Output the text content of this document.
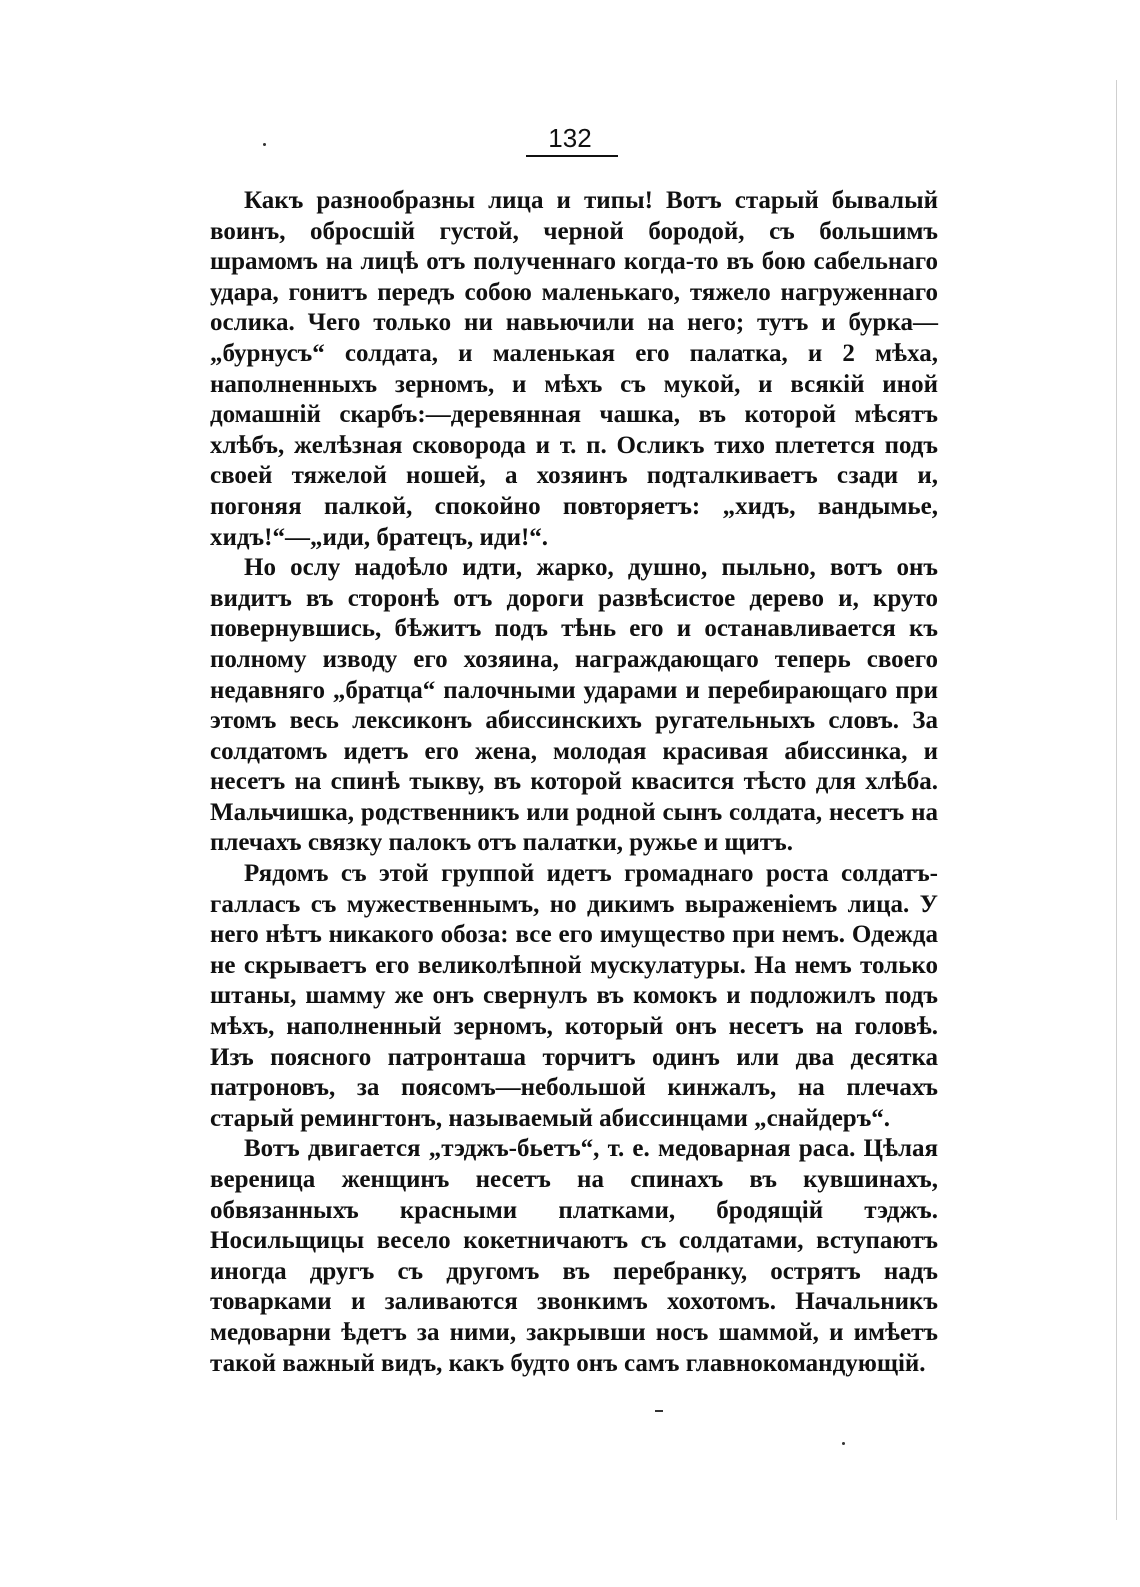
132

Какъ разнообразны лица и типы! Вотъ старый бывалый воинъ, обросшій густой, черной бородой, съ большимъ шрамомъ на лицѣ отъ полученнаго когда-то въ бою сабельнаго удара, гонитъ передъ собою маленькаго, тяжело нагруженнаго ослика. Чего только ни навьючили на него; тутъ и бурка—„бурнусъ“ солдата, и маленькая его палатка, и 2 мѣха, наполненныхъ зерномъ, и мѣхъ съ мукой, и всякій иной домашній скарбъ:—деревянная чашка, въ которой мѣсятъ хлѣбъ, желѣзная сковорода и т. п. Осликъ тихо плетется подъ своей тяжелой ношей, а хозяинъ подталкиваетъ сзади и, погоняя палкой, спокойно повторяетъ: „хидъ, вандымье, хидъ!“—„иди, братецъ, иди!“.

Но ослу надоѣло идти, жарко, душно, пыльно, вотъ онъ видитъ въ сторонѣ отъ дороги развѣсистое дерево и, круто повернувшись, бѣжитъ подъ тѣнь его и останавливается къ полному изводу его хозяина, награждающаго теперь своего недавняго „братца“ палочными ударами и перебирающаго при этомъ весь лексиконъ абиссинскихъ ругательныхъ словъ. За солдатомъ идетъ его жена, молодая красивая абиссинка, и несетъ на спинѣ тыкву, въ которой квасится тѣсто для хлѣба. Мальчишка, родственникъ или родной сынъ солдата, несетъ на плечахъ связку палокъ отъ палатки, ружье и щитъ.

Рядомъ съ этой группой идетъ громаднаго роста солдатъ-галласъ съ мужественнымъ, но дикимъ выраженіемъ лица. У него нѣтъ никакого обоза: все его имущество при немъ. Одежда не скрываетъ его великолѣпной мускулатуры. На немъ только штаны, шамму же онъ свернулъ въ комокъ и подложилъ подъ мѣхъ, наполненный зерномъ, который онъ несетъ на головѣ. Изъ поясного патронташа торчитъ одинъ или два десятка патроновъ, за поясомъ—небольшой кинжалъ, на плечахъ старый ремингтонъ, называемый абиссинцами „снайдеръ“.

Вотъ двигается „тэджъ-бьетъ“, т. е. медоварная раса. Цѣлая вереница женщинъ несетъ на спинахъ въ кувшинахъ, обвязанныхъ красными платками, бродящій тэджъ. Носильщицы весело кокетничаютъ съ солдатами, вступаютъ иногда другъ съ другомъ въ перебранку, острятъ надъ товарками и заливаются звонкимъ хохотомъ. Начальникъ медоварни ѣдетъ за ними, закрывши носъ шаммой, и имѣетъ такой важный видъ, какъ будто онъ самъ главнокомандующій.
